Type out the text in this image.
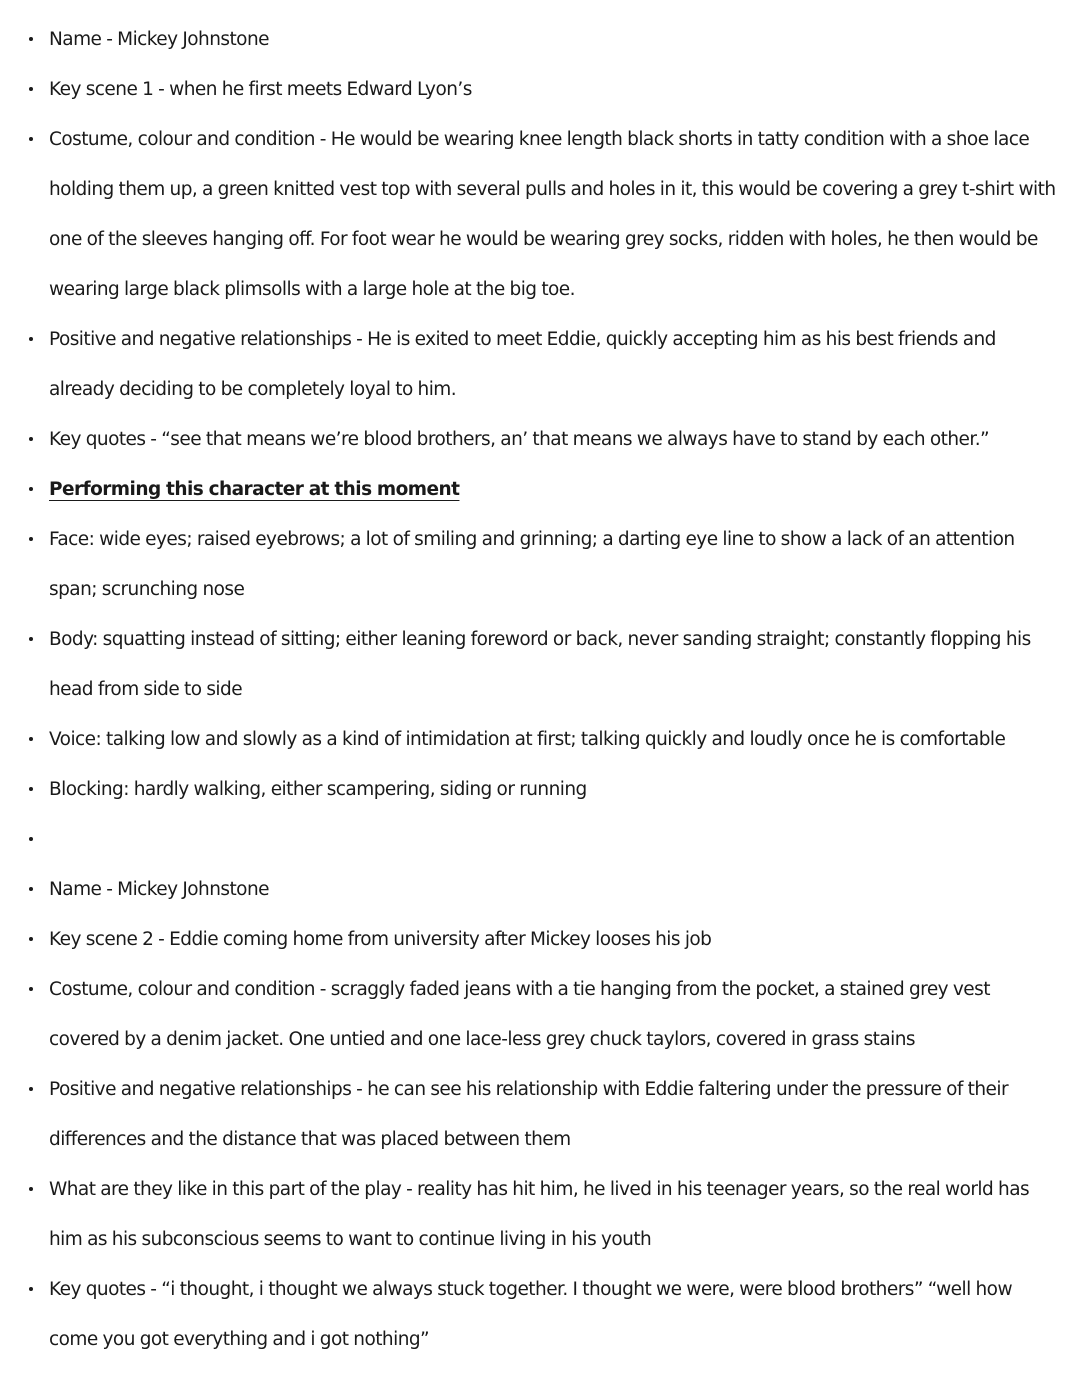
Name - Mickey Johnstone
Key scene 1 - when he first meets Edward Lyon’s
Costume, colour and condition - He would be wearing knee length black shorts in tatty condition with a shoe lace holding them up, a green knitted vest top with several pulls and holes in it, this would be covering a grey t-shirt with one of the sleeves hanging off. For foot wear he would be wearing grey socks, ridden with holes, he then would be wearing large black plimsolls with a large hole at the big toe.
Positive and negative relationships - He is exited to meet Eddie, quickly accepting him as his best friends and already deciding to be completely loyal to him.
Key quotes - “see that means we’re blood brothers, an’ that means we always have to stand by each other.”
Performing this character at this moment
Face: wide eyes; raised eyebrows; a lot of smiling and grinning; a darting eye line to show a lack of an attention span; scrunching nose
Body: squatting instead of sitting; either leaning foreword or back, never sanding straight; constantly flopping his head from side to side
Voice: talking low and slowly as a kind of intimidation at first; talking quickly and loudly once he is comfortable
Blocking: hardly walking, either scampering, siding or running

Name - Mickey Johnstone
Key scene 2 - Eddie coming home from university after Mickey looses his job
Costume, colour and condition - scraggly faded jeans with a tie hanging from the pocket, a stained grey vest covered by a denim jacket. One untied and one lace-less grey chuck taylors, covered in grass stains
Positive and negative relationships - he can see his relationship with Eddie faltering under the pressure of their differences and the distance that was placed between them
What are they like in this part of the play - reality has hit him, he lived in his teenager years, so the real world has him as his subconscious seems to want to continue living in his youth
Key quotes - “i thought, i thought we always stuck together. I thought we were, were blood brothers” “well how come you got everything and i got nothing”
